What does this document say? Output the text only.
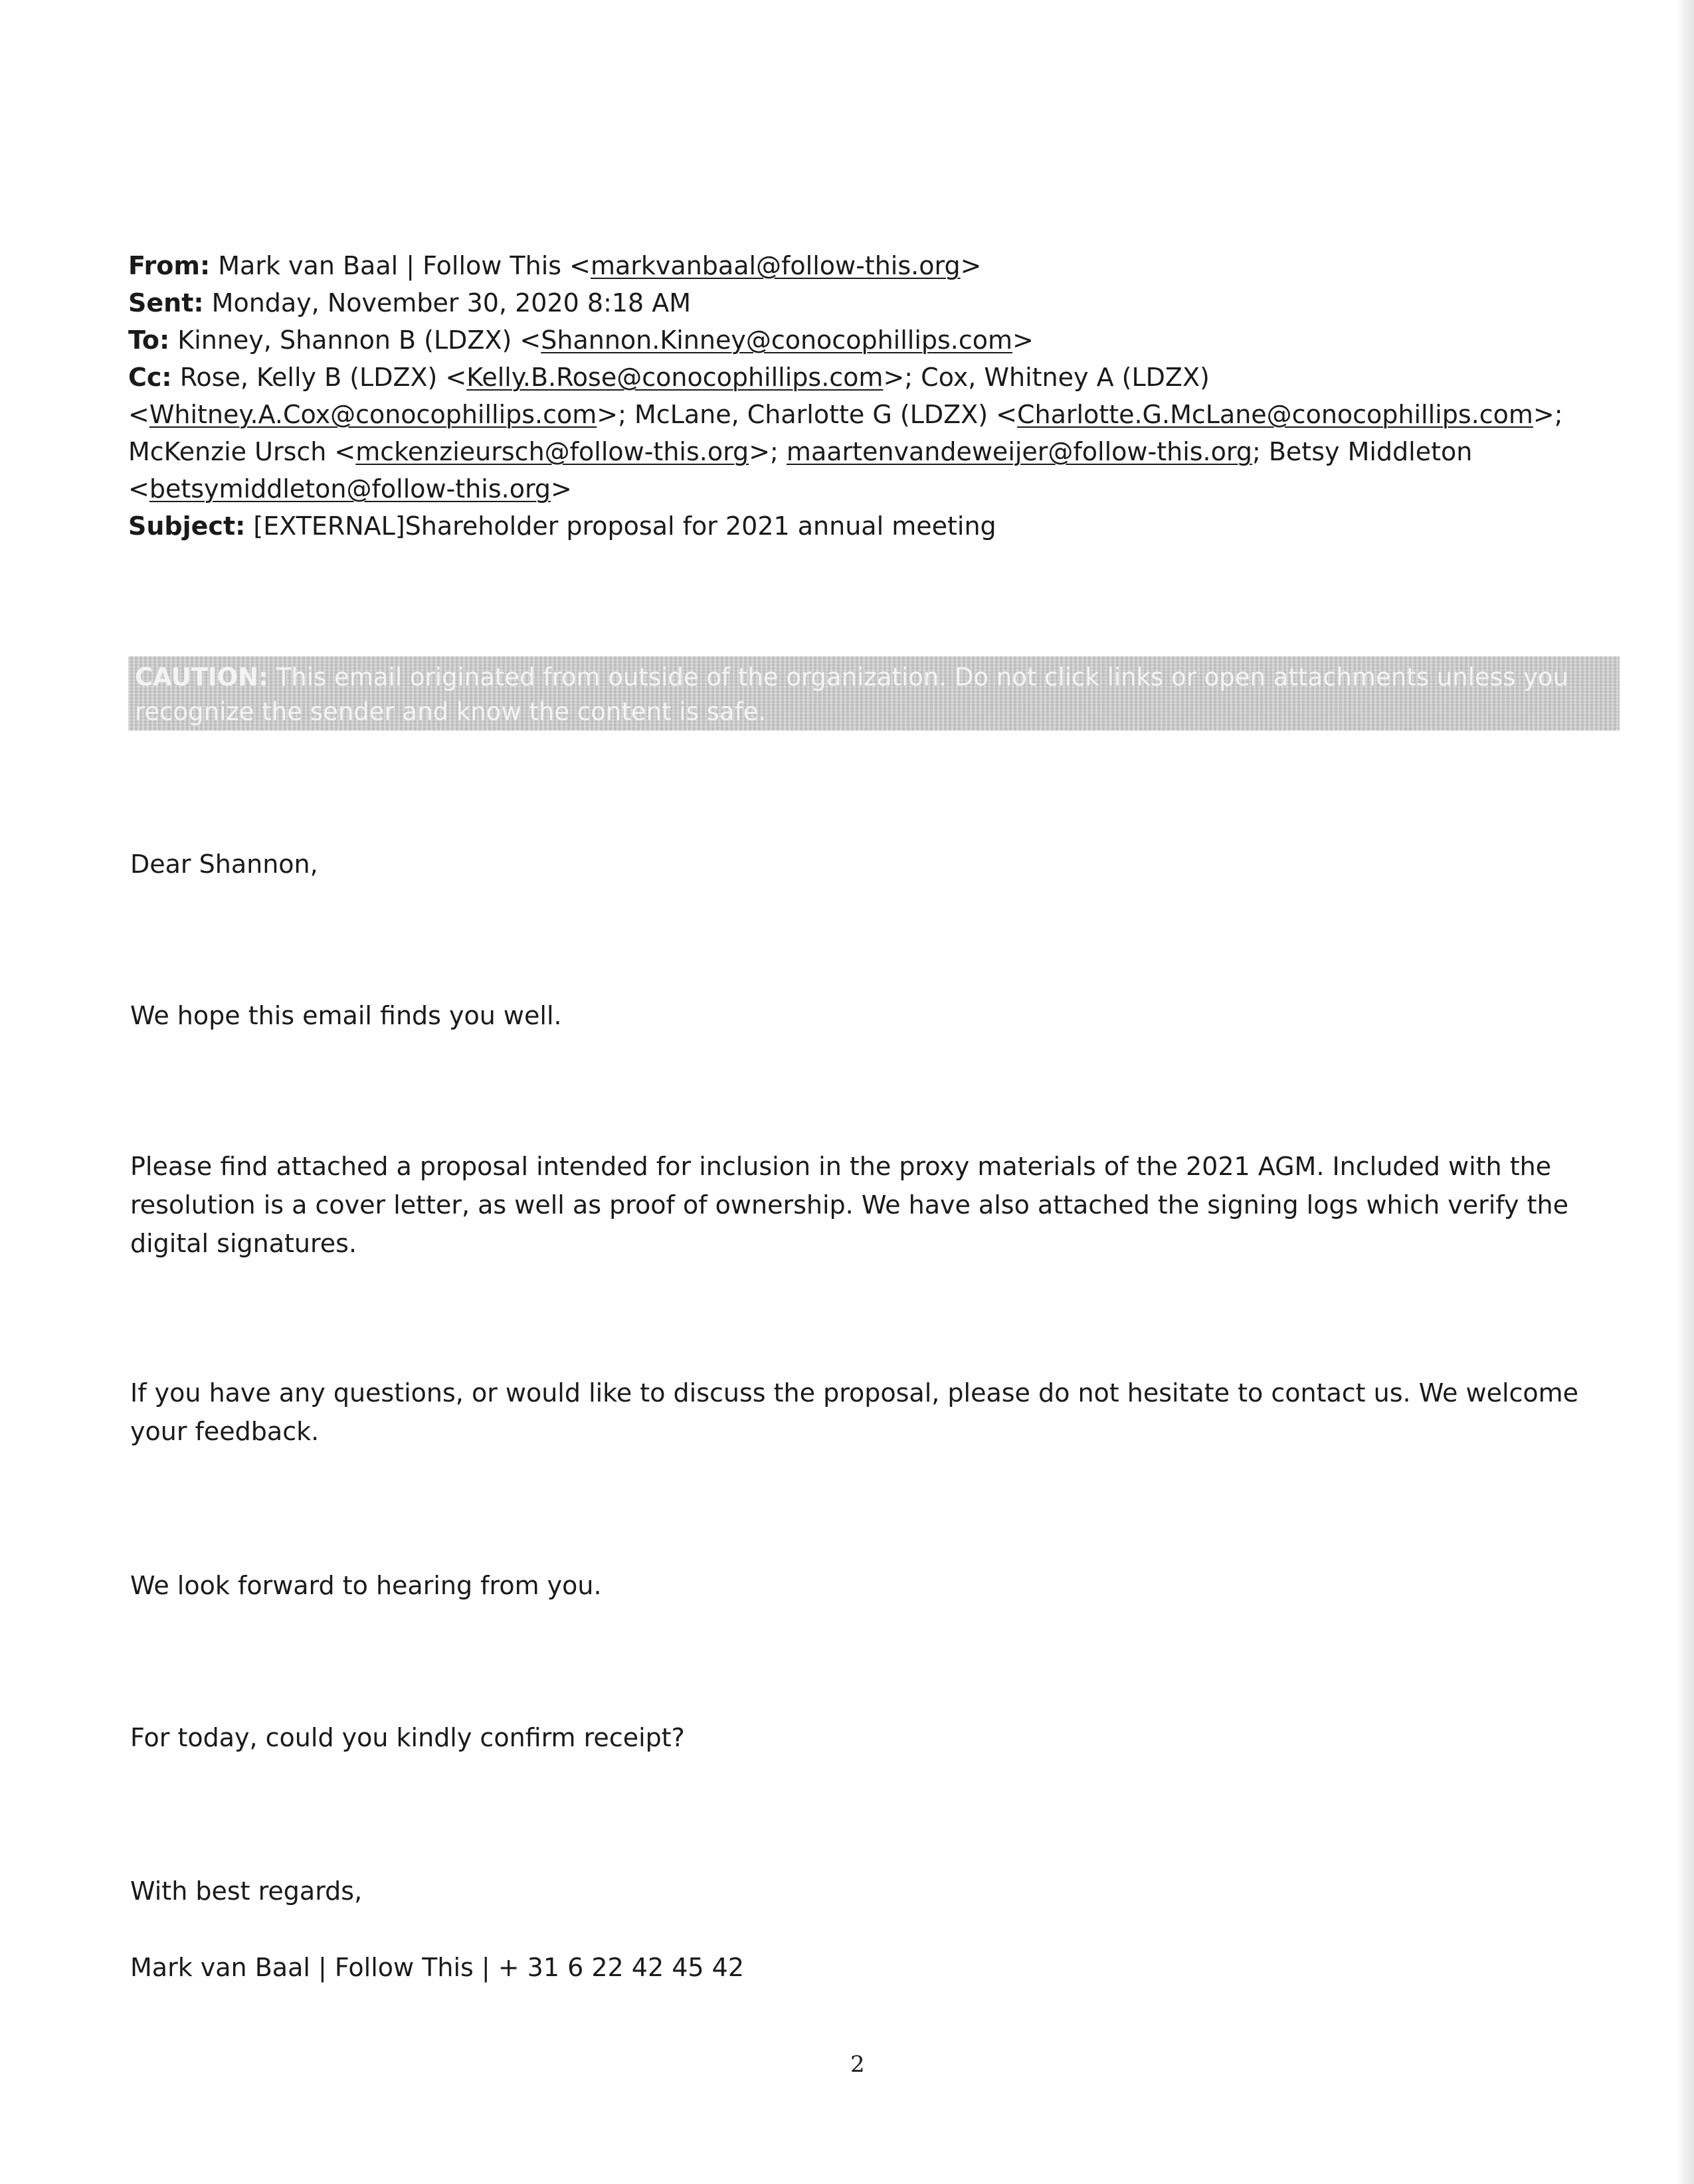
From: Mark van Baal | Follow This <markvanbaal@follow-this.org>
Sent: Monday, November 30, 2020 8:18 AM
To: Kinney, Shannon B (LDZX) <Shannon.Kinney@conocophillips.com>
Cc: Rose, Kelly B (LDZX) <Kelly.B.Rose@conocophillips.com>; Cox, Whitney A (LDZX)
<Whitney.A.Cox@conocophillips.com>; McLane, Charlotte G (LDZX) <Charlotte.G.McLane@conocophillips.com>;
McKenzie Ursch <mckenzieursch@follow-this.org>; maartenvandeweijer@follow-this.org; Betsy Middleton
<betsymiddleton@follow-this.org>
Subject: [EXTERNAL]Shareholder proposal for 2021 annual meeting
CAUTION: This email originated from outside of the organization. Do not click links or open attachments unless you recognize the sender and know the content is safe.
Dear Shannon,
We hope this email finds you well.
Please find attached a proposal intended for inclusion in the proxy materials of the 2021 AGM. Included with the resolution is a cover letter, as well as proof of ownership. We have also attached the signing logs which verify the digital signatures.
If you have any questions, or would like to discuss the proposal, please do not hesitate to contact us. We welcome your feedback.
We look forward to hearing from you.
For today, could you kindly confirm receipt?
With best regards,
Mark van Baal | Follow This | + 31 6 22 42 45 42
2
